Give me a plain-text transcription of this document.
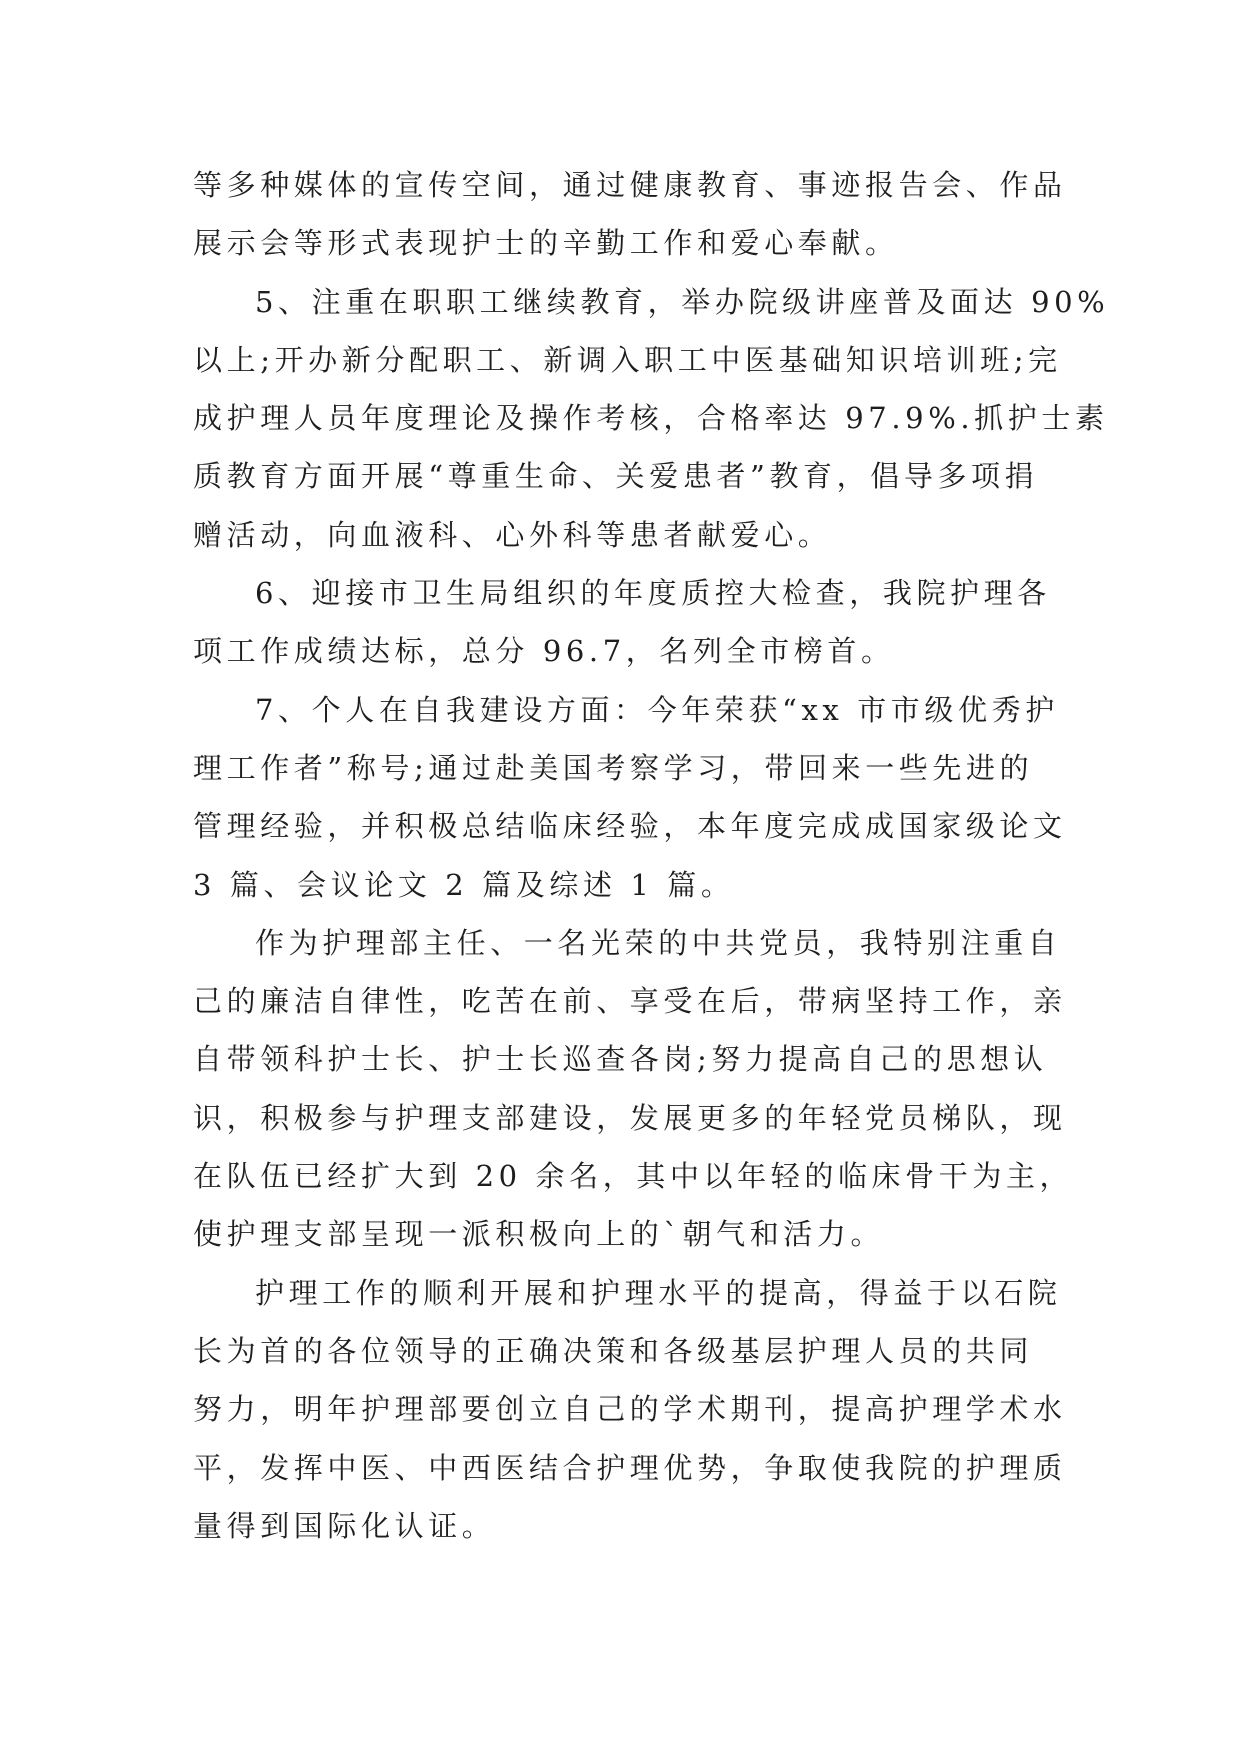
等多种媒体的宣传空间，通过健康教育、事迹报告会、作品
展示会等形式表现护士的辛勤工作和爱心奉献。

5、注重在职职工继续教育，举办院级讲座普及面达 90%
以上;开办新分配职工、新调入职工中医基础知识培训班;完
成护理人员年度理论及操作考核，合格率达 97.9%.抓护士素
质教育方面开展“尊重生命、关爱患者”教育，倡导多项捐
赠活动，向血液科、心外科等患者献爱心。

6、迎接市卫生局组织的年度质控大检查，我院护理各
项工作成绩达标，总分 96.7，名列全市榜首。

7、个人在自我建设方面：今年荣获“xx 市市级优秀护
理工作者”称号;通过赴美国考察学习，带回来一些先进的
管理经验，并积极总结临床经验，本年度完成成国家级论文
3 篇、会议论文 2 篇及综述 1 篇。

作为护理部主任、一名光荣的中共党员，我特别注重自
己的廉洁自律性，吃苦在前、享受在后，带病坚持工作，亲
自带领科护士长、护士长巡查各岗;努力提高自己的思想认
识，积极参与护理支部建设，发展更多的年轻党员梯队，现
在队伍已经扩大到 20 余名，其中以年轻的临床骨干为主，
使护理支部呈现一派积极向上的`朝气和活力。

护理工作的顺利开展和护理水平的提高，得益于以石院
长为首的各位领导的正确决策和各级基层护理人员的共同
努力，明年护理部要创立自己的学术期刊，提高护理学术水
平，发挥中医、中西医结合护理优势，争取使我院的护理质
量得到国际化认证。
